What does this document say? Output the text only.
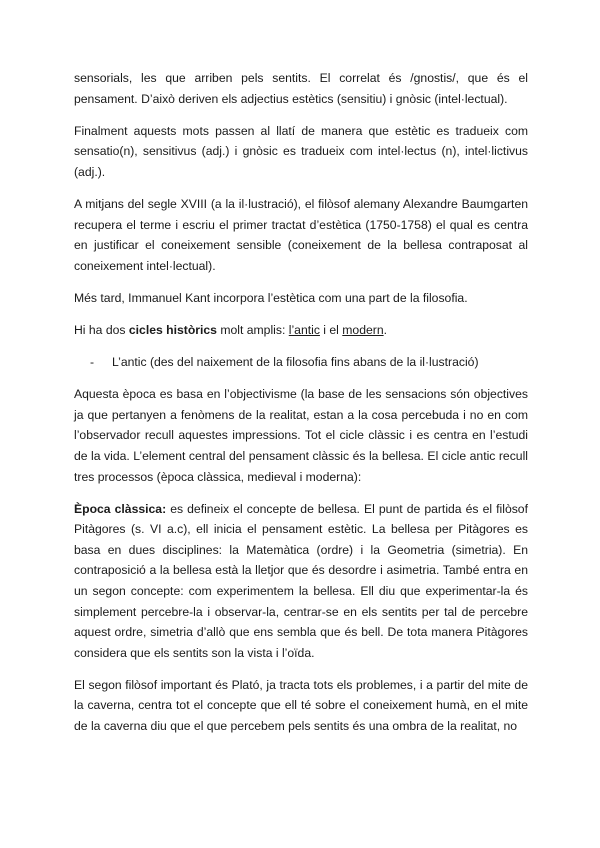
sensorials, les que arriben pels sentits. El correlat és /gnostis/, que és el pensament. D’això deriven els adjectius estètics (sensitiu) i gnòsic (intel·lectual).

Finalment aquests mots passen al llatí de manera que estètic es tradueix com sensatio(n), sensitivus (adj.) i gnòsic es tradueix com intel·lectus (n), intel·lictivus (adj.).

A mitjans del segle XVIII (a la il·lustració), el filòsof alemany Alexandre Baumgarten recupera el terme i escriu el primer tractat d’estètica (1750-1758) el qual es centra en justificar el coneixement sensible (coneixement de la bellesa contraposat al coneixement intel·lectual).

Més tard, Immanuel Kant incorpora l’estètica com una part de la filosofia.

Hi ha dos cicles històrics molt amplis: l’antic i el modern.

- L’antic (des del naixement de la filosofia fins abans de la il·lustració)

Aquesta època es basa en l’objectivisme (la base de les sensacions són objectives ja que pertanyen a fenòmens de la realitat, estan a la cosa percebuda i no en com l’observador recull aquestes impressions. Tot el cicle clàssic i es centra en l’estudi de la vida. L’element central del pensament clàssic és la bellesa. El cicle antic recull tres processos (època clàssica, medieval i moderna):

Època clàssica: es defineix el concepte de bellesa. El punt de partida és el filòsof Pitàgores (s. VI a.c), ell inicia el pensament estètic. La bellesa per Pitàgores es basa en dues disciplines: la Matemàtica (ordre) i la Geometria (simetria). En contraposició a la bellesa està la lletjor que és desordre i asimetria. També entra en un segon concepte: com experimentem la bellesa. Ell diu que experimentar-la és simplement percebre-la i observar-la, centrar-se en els sentits per tal de percebre aquest ordre, simetria d’allò que ens sembla que és bell. De tota manera Pitàgores considera que els sentits son la vista i l’oïda.

El segon filòsof important és Plató, ja tracta tots els problemes, i a partir del mite de la caverna, centra tot el concepte que ell té sobre el coneixement humà, en el mite de la caverna diu que el que percebem pels sentits és una ombra de la realitat, no
